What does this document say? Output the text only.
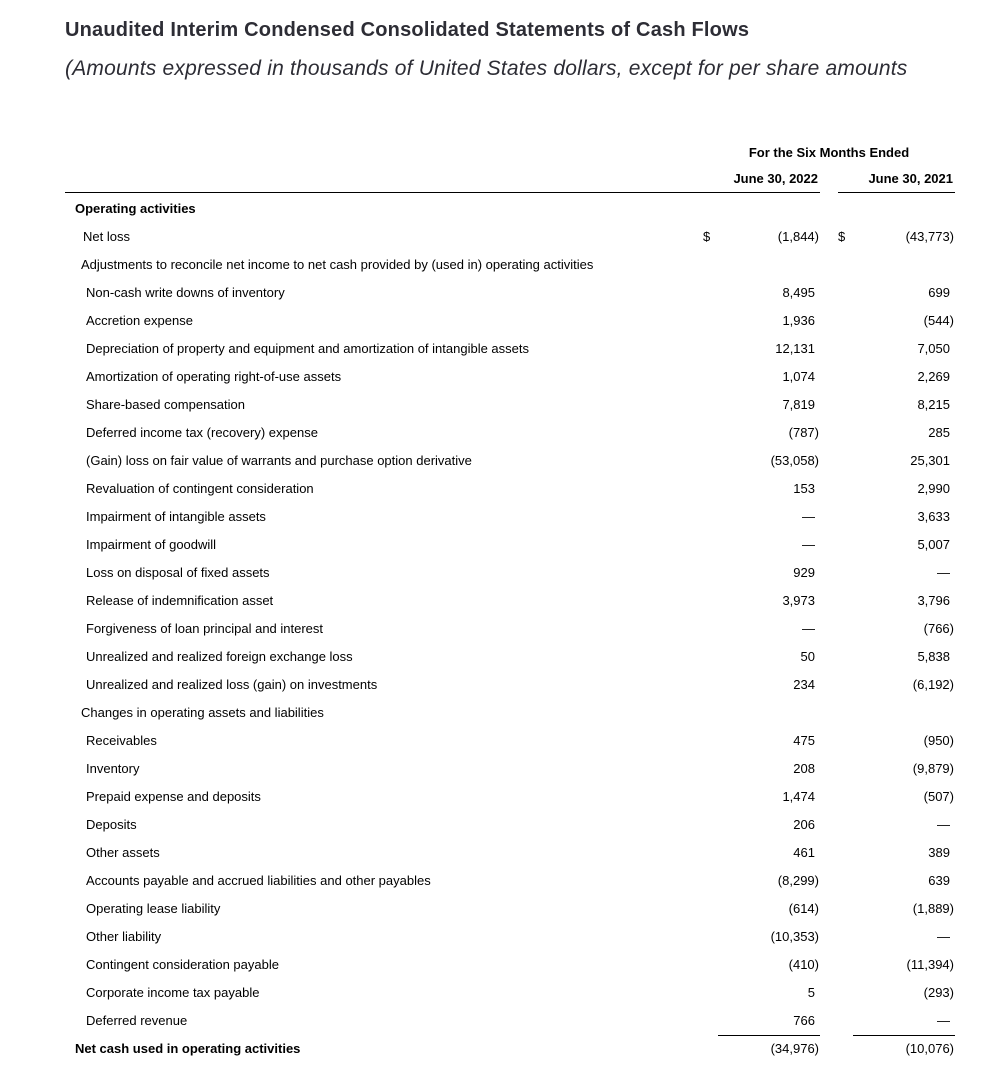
Unaudited Interim Condensed Consolidated Statements of Cash Flows
(Amounts expressed in thousands of United States dollars, except for per share amounts
For the Six Months Ended
June 30, 2022	June 30, 2021
Operating activities
Net loss	$	(1,844) $	(43,773)
Adjustments to reconcile net income to net cash provided by (used in) operating activities
Non-cash write downs of inventory	8,495	699
Accretion expense	1,936	(544)
Depreciation of property and equipment and amortization of intangible assets	12,131	7,050
Amortization of operating right-of-use assets	1,074	2,269
Share-based compensation	7,819	8,215
Deferred income tax (recovery) expense	(787)	285
(Gain) loss on fair value of warrants and purchase option derivative	(53,058)	25,301
Revaluation of contingent consideration	153	2,990
Impairment of intangible assets	—	3,633
Impairment of goodwill	—	5,007
Loss on disposal of fixed assets	929	—
Release of indemnification asset	3,973	3,796
Forgiveness of loan principal and interest	—	(766)
Unrealized and realized foreign exchange loss	50	5,838
Unrealized and realized loss (gain) on investments	234	(6,192)
Changes in operating assets and liabilities
Receivables	475	(950)
Inventory	208	(9,879)
Prepaid expense and deposits	1,474	(507)
Deposits	206	—
Other assets	461	389
Accounts payable and accrued liabilities and other payables	(8,299)	639
Operating lease liability	(614)	(1,889)
Other liability	(10,353)	—
Contingent consideration payable	(410)	(11,394)
Corporate income tax payable	5	(293)
Deferred revenue	766	—
Net cash used in operating activities	(34,976)	(10,076)
